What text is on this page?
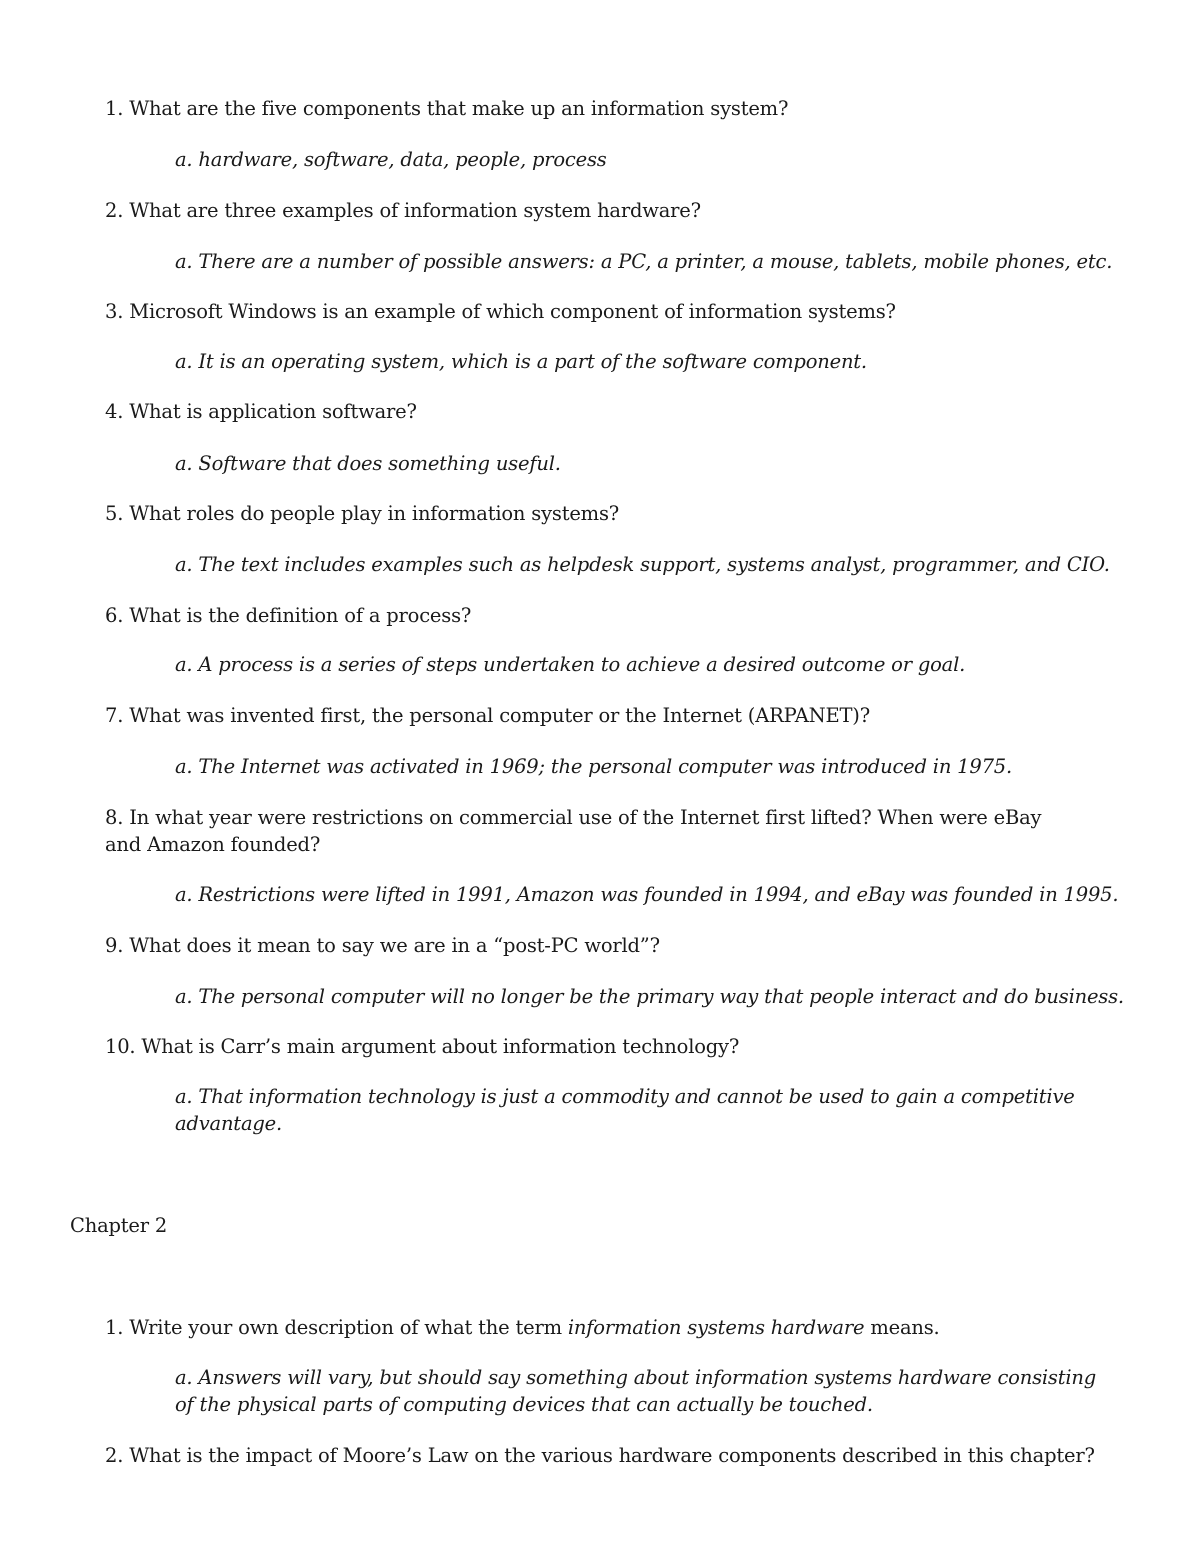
1. What are the five components that make up an information system?
a. hardware, software, data, people, process
2. What are three examples of information system hardware?
a. There are a number of possible answers: a PC, a printer, a mouse, tablets, mobile phones, etc.
3. Microsoft Windows is an example of which component of information systems?
a. It is an operating system, which is a part of the software component.
4. What is application software?
a. Software that does something useful.
5. What roles do people play in information systems?
a. The text includes examples such as helpdesk support, systems analyst, programmer, and CIO.
6. What is the definition of a process?
a. A process is a series of steps undertaken to achieve a desired outcome or goal.
7. What was invented first, the personal computer or the Internet (ARPANET)?
a. The Internet was activated in 1969; the personal computer was introduced in 1975.
8. In what year were restrictions on commercial use of the Internet first lifted? When were eBay and Amazon founded?
a. Restrictions were lifted in 1991, Amazon was founded in 1994, and eBay was founded in 1995.
9. What does it mean to say we are in a “post-PC world”?
a. The personal computer will no longer be the primary way that people interact and do business.
10. What is Carr’s main argument about information technology?
a. That information technology is just a commodity and cannot be used to gain a competitive advantage.
Chapter 2
1. Write your own description of what the term information systems hardware means.
a. Answers will vary, but should say something about information systems hardware consisting of the physical parts of computing devices that can actually be touched.
2. What is the impact of Moore’s Law on the various hardware components described in this chapter?
